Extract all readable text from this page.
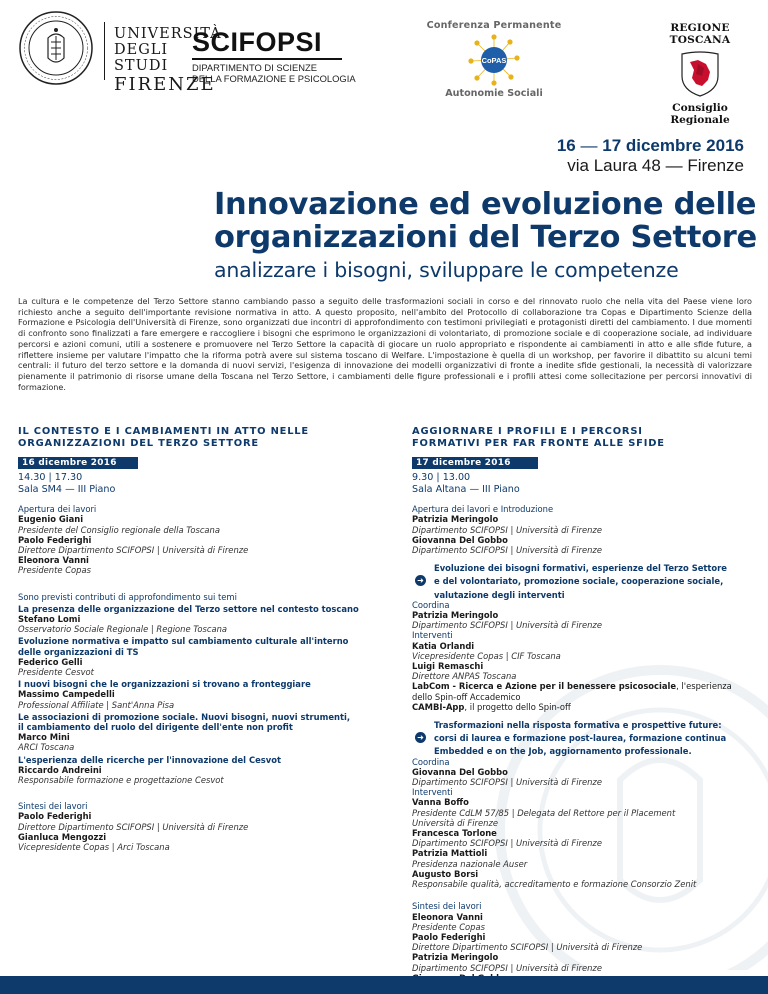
UNIVERSITÀ
DEGLI STUDI
FIRENZE
SCIFOPSI
DIPARTIMENTO DI SCIENZE
DELLA FORMAZIONE E PSICOLOGIA
Conferenza Permanente
CoPAS
Autonomie Sociali
REGIONE TOSCANA
Consiglio Regionale
16 — 17 dicembre 2016
via Laura 48 — Firenze
Innovazione ed evoluzione delle
organizzazioni del Terzo Settore
analizzare i bisogni, sviluppare le competenze

La cultura e le competenze del Terzo Settore stanno cambiando passo a seguito delle trasformazioni sociali in corso e del rinnovato ruolo che nella vita del Paese viene loro richiesto anche a seguito dell'importante revisione normativa in atto. A questo proposito, nell'ambito del Protocollo di collaborazione tra Copas e Dipartimento Scienze della Formazione e Psicologia dell'Università di Firenze, sono organizzati due incontri di approfondimento con testimoni privilegiati e protagonisti diretti del cambiamento. I due momenti di confronto sono finalizzati a fare emergere e raccogliere i bisogni che esprimono le organizzazioni di volontariato, di promozione sociale e di cooperazione sociale, ad individuare percorsi e azioni comuni, utili a sostenere e promuovere nel Terzo Settore la capacità di giocare un ruolo appropriato e rispondente ai cambiamenti in atto e alle sfide future, a riflettere insieme per valutare l'impatto che la riforma potrà avere sul sistema toscano di Welfare. L'impostazione è quella di un workshop, per favorire il dibattito su alcuni temi centrali: il futuro del terzo settore e la domanda di nuovi servizi, l'esigenza di innovazione dei modelli organizzativi di fronte a inedite sfide gestionali, la necessità di valorizzare pienamente il patrimonio di risorse umane della Toscana nel Terzo Settore, i cambiamenti delle figure professionali e i profili attesi come sollecitazione per percorsi innovativi di formazione.

IL CONTESTO E I CAMBIAMENTI IN ATTO NELLE
ORGANIZZAZIONI DEL TERZO SETTORE
16 dicembre 2016
14.30 | 17.30
Sala SM4 — III Piano
Apertura dei lavori
Eugenio Giani
Presidente del Consiglio regionale della Toscana
Paolo Federighi
Direttore Dipartimento SCIFOPSI | Università di Firenze
Eleonora Vanni
Presidente Copas
Sono previsti contributi di approfondimento sui temi
La presenza delle organizzazione del Terzo settore nel contesto toscano
Stefano Lomi
Osservatorio Sociale Regionale | Regione Toscana
Evoluzione normativa e impatto sul cambiamento culturale all'interno
delle organizzazioni di TS
Federico Gelli
Presidente Cesvot
I nuovi bisogni che le organizzazioni si trovano a fronteggiare
Massimo Campedelli
Professional Affiliate | Sant'Anna Pisa
Le associazioni di promozione sociale. Nuovi bisogni, nuovi strumenti,
il cambiamento del ruolo del dirigente dell'ente non profit
Marco Mini
ARCI Toscana
L'esperienza delle ricerche per l'innovazione del Cesvot
Riccardo Andreini
Responsabile formazione e progettazione Cesvot
Sintesi dei lavori
Paolo Federighi
Direttore Dipartimento SCIFOPSI | Università di Firenze
Gianluca Mengozzi
Vicepresidente Copas | Arci Toscana
AGGIORNARE I PROFILI E I PERCORSI
FORMATIVI PER FAR FRONTE ALLE SFIDE
17 dicembre 2016
9.30 | 13.00
Sala Altana — III Piano
Apertura dei lavori e Introduzione
Patrizia Meringolo
Dipartimento SCIFOPSI | Università di Firenze
Giovanna Del Gobbo
Dipartimento SCIFOPSI | Università di Firenze
➜
Evoluzione dei bisogni formativi, esperienze del Terzo Settore
e del volontariato, promozione sociale, cooperazione sociale,
valutazione degli interventi
Coordina
Patrizia Meringolo
Dipartimento SCIFOPSI | Università di Firenze
Interventi
Katia Orlandi
Vicepresidente Copas | CIF Toscana
Luigi Remaschi
Direttore ANPAS Toscana
LabCom - Ricerca e Azione per il benessere psicosociale, l'esperienza
dello Spin-off Accademico
CAMBI-App, il progetto dello Spin-off
➜
Trasformazioni nella risposta formativa e prospettive future:
corsi di laurea e formazione post-laurea, formazione continua
Embedded e on the Job, aggiornamento professionale.
Coordina
Giovanna Del Gobbo
Dipartimento SCIFOPSI | Università di Firenze
Interventi
Vanna Boffo
Presidente CdLM 57/85 | Delegata del Rettore per il Placement
Università di Firenze
Francesca Torlone
Dipartimento SCIFOPSI | Università di Firenze
Patrizia Mattioli
Presidenza nazionale Auser
Augusto Borsi
Responsabile qualità, accreditamento e formazione Consorzio Zenit
Sintesi dei lavori
Eleonora Vanni
Presidente Copas
Paolo Federighi
Direttore Dipartimento SCIFOPSI | Università di Firenze
Patrizia Meringolo
Dipartimento SCIFOPSI | Università di Firenze
